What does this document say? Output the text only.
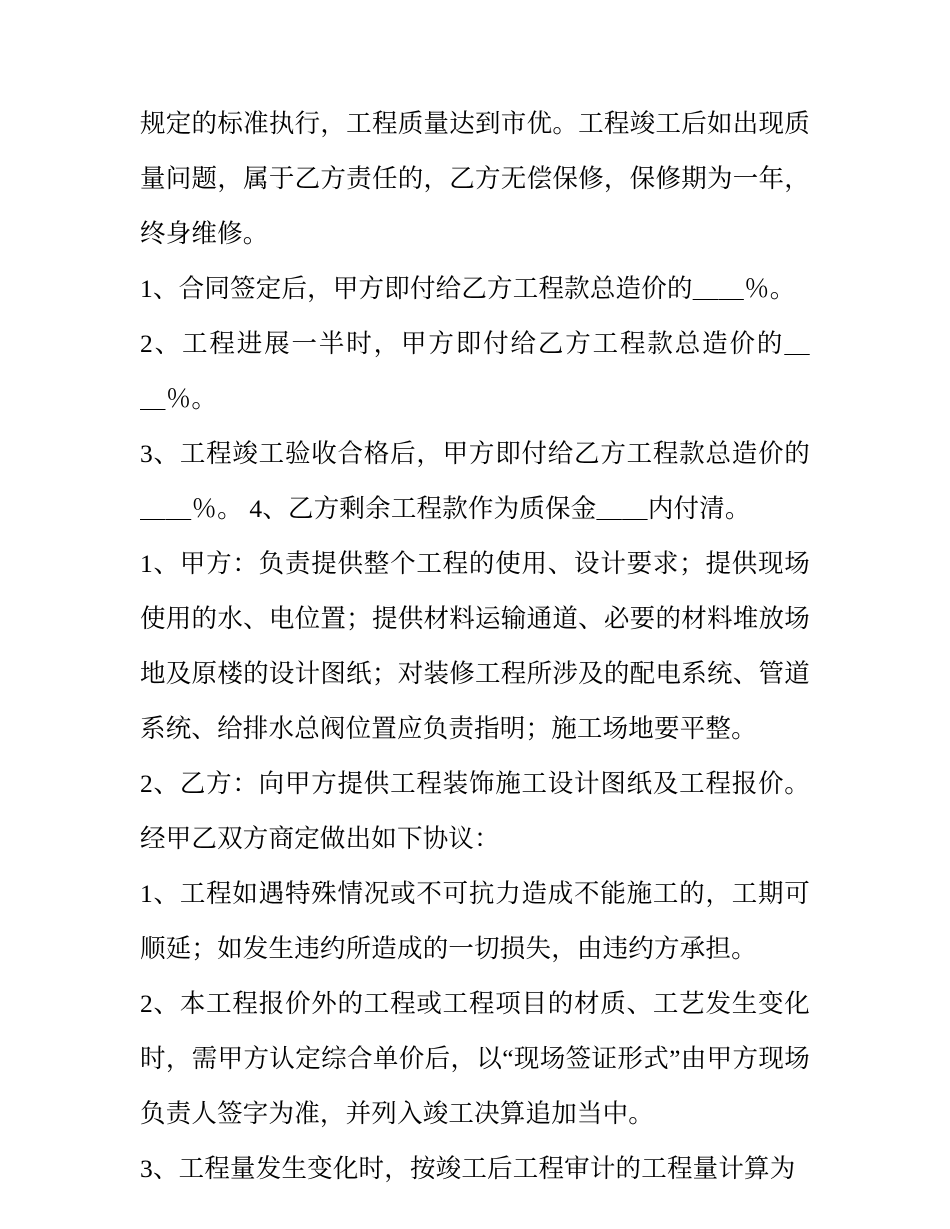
规定的标准执行，工程质量达到市优。工程竣工后如出现质量问题，属于乙方责任的，乙方无偿保修，保修期为一年，终身维修。

1、合同签定后，甲方即付给乙方工程款总造价的＿＿％。

2、工程进展一半时，甲方即付给乙方工程款总造价的＿＿％。

3、工程竣工验收合格后，甲方即付给乙方工程款总造价的＿＿％。 4、乙方剩余工程款作为质保金＿＿内付清。

1、甲方：负责提供整个工程的使用、设计要求；提供现场使用的水、电位置；提供材料运输通道、必要的材料堆放场地及原楼的设计图纸；对装修工程所涉及的配电系统、管道系统、给排水总阀位置应负责指明；施工场地要平整。

2、乙方：向甲方提供工程装饰施工设计图纸及工程报价。 经甲乙双方商定做出如下协议：

1、工程如遇特殊情况或不可抗力造成不能施工的，工期可顺延；如发生违约所造成的一切损失，由违约方承担。

2、本工程报价外的工程或工程项目的材质、工艺发生变化时，需甲方认定综合单价后，以“现场签证形式”由甲方现场负责人签字为准，并列入竣工决算追加当中。

3、工程量发生变化时，按竣工后工程审计的工程量计算为
